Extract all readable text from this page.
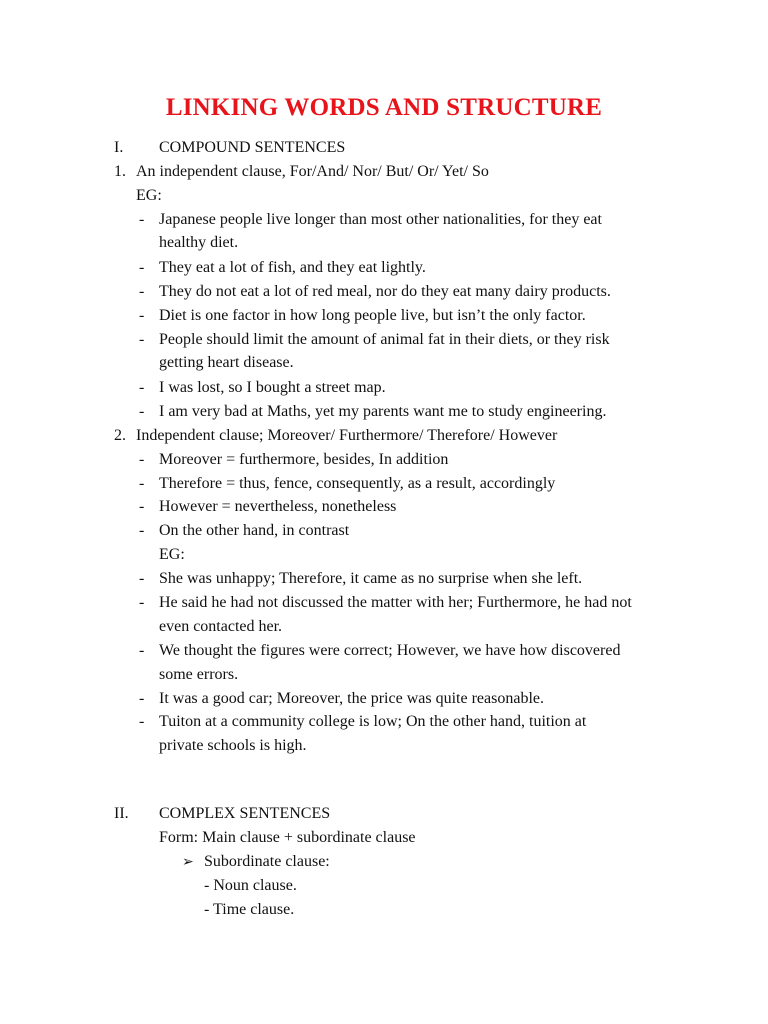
LINKING WORDS AND STRUCTURE
I. COMPOUND SENTENCES
1. An independent clause, For/And/ Nor/ But/ Or/ Yet/ So
EG:
- Japanese people live longer than most other nationalities, for they eat
healthy diet.
- They eat a lot of fish, and they eat lightly.
- They do not eat a lot of red meal, nor do they eat many dairy products.
- Diet is one factor in how long people live, but isn’t the only factor.
- People should limit the amount of animal fat in their diets, or they risk
getting heart disease.
- I was lost, so I bought a street map.
- I am very bad at Maths, yet my parents want me to study engineering.
2. Independent clause; Moreover/ Furthermore/ Therefore/ However
- Moreover = furthermore, besides, In addition
- Therefore = thus, fence, consequently, as a result, accordingly
- However = nevertheless, nonetheless
- On the other hand, in contrast
EG:
- She was unhappy; Therefore, it came as no surprise when she left.
- He said he had not discussed the matter with her; Furthermore, he had not
even contacted her.
- We thought the figures were correct; However, we have how discovered
some errors.
- It was a good car; Moreover, the price was quite reasonable.
- Tuiton at a community college is low; On the other hand, tuition at
private schools is high.
II. COMPLEX SENTENCES
Form: Main clause + subordinate clause
➢ Subordinate clause:
- Noun clause.
- Time clause.
